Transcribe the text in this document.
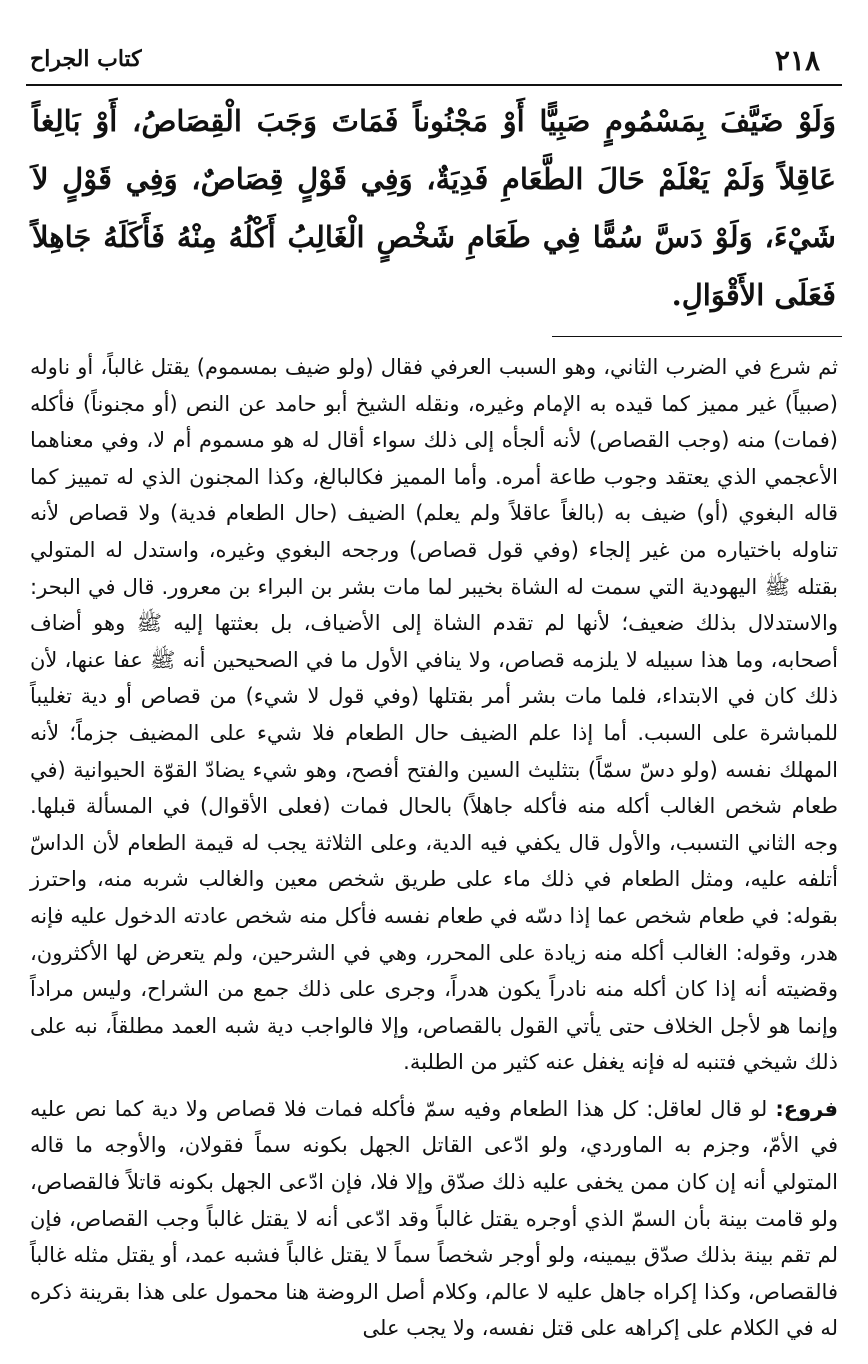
٢١٨
كتاب الجراح

وَلَوْ ضَيَّفَ بِمَسْمُومٍ صَبِيًّا أَوْ مَجْنُوناً فَمَاتَ وَجَبَ الْقِصَاصُ، أَوْ بَالِغاً عَاقِلاً وَلَمْ يَعْلَمْ حَالَ الطَّعَامِ فَدِيَةٌ، وَفِي قَوْلٍ قِصَاصٌ، وَفِي قَوْلٍ لاَ شَيْءَ، وَلَوْ دَسَّ سُمًّا فِي طَعَامِ شَخْصٍ الْغَالِبُ أَكْلُهُ مِنْهُ فَأَكَلَهُ جَاهِلاً فَعَلَى الأَقْوَالِ.

ثم شرع في الضرب الثاني، وهو السبب العرفي فقال (ولو ضيف بمسموم) يقتل غالباً، أو ناوله (صبياً) غير مميز كما قيده به الإمام وغيره، ونقله الشيخ أبو حامد عن النص (أو مجنوناً) فأكله (فمات) منه (وجب القصاص) لأنه ألجأه إلى ذلك سواء أقال له هو مسموم أم لا، وفي معناهما الأعجمي الذي يعتقد وجوب طاعة أمره. وأما المميز فكالبالغ، وكذا المجنون الذي له تمييز كما قاله البغوي (أو) ضيف به (بالغاً عاقلاً ولم يعلم) الضيف (حال الطعام فدية) ولا قصاص لأنه تناوله باختياره من غير إلجاء (وفي قول قصاص) ورجحه البغوي وغيره، واستدل له المتولي بقتله ﷺ اليهودية التي سمت له الشاة بخيبر لما مات بشر بن البراء بن معرور. قال في البحر: والاستدلال بذلك ضعيف؛ لأنها لم تقدم الشاة إلى الأضياف، بل بعثتها إليه ﷺ وهو أضاف أصحابه، وما هذا سبيله لا يلزمه قصاص، ولا ينافي الأول ما في الصحيحين أنه ﷺ عفا عنها، لأن ذلك كان في الابتداء، فلما مات بشر أمر بقتلها (وفي قول لا شيء) من قصاص أو دية تغليباً للمباشرة على السبب. أما إذا علم الضيف حال الطعام فلا شيء على المضيف جزماً؛ لأنه المهلك نفسه (ولو دسّ سمّاً) بتثليث السين والفتح أفصح، وهو شيء يضادّ القوّة الحيوانية (في طعام شخص الغالب أكله منه فأكله جاهلاً) بالحال فمات (فعلى الأقوال) في المسألة قبلها. وجه الثاني التسبب، والأول قال يكفي فيه الدية، وعلى الثلاثة يجب له قيمة الطعام لأن الداسّ أتلفه عليه، ومثل الطعام في ذلك ماء على طريق شخص معين والغالب شربه منه، واحترز بقوله: في طعام شخص عما إذا دسّه في طعام نفسه فأكل منه شخص عادته الدخول عليه فإنه هدر، وقوله: الغالب أكله منه زيادة على المحرر، وهي في الشرحين، ولم يتعرض لها الأكثرون، وقضيته أنه إذا كان أكله منه نادراً يكون هدراً، وجرى على ذلك جمع من الشراح، وليس مراداً وإنما هو لأجل الخلاف حتى يأتي القول بالقصاص، وإلا فالواجب دية شبه العمد مطلقاً، نبه على ذلك شيخي فتنبه له فإنه يغفل عنه كثير من الطلبة.

فروع: لو قال لعاقل: كل هذا الطعام وفيه سمّ فأكله فمات فلا قصاص ولا دية كما نص عليه في الأمّ، وجزم به الماوردي، ولو ادّعى القاتل الجهل بكونه سماً فقولان، والأوجه ما قاله المتولي أنه إن كان ممن يخفى عليه ذلك صدّق وإلا فلا، فإن ادّعى الجهل بكونه قاتلاً فالقصاص، ولو قامت بينة بأن السمّ الذي أوجره يقتل غالباً وقد ادّعى أنه لا يقتل غالباً وجب القصاص، فإن لم تقم بينة بذلك صدّق بيمينه، ولو أوجر شخصاً سماً لا يقتل غالباً فشبه عمد، أو يقتل مثله غالباً فالقصاص، وكذا إكراه جاهل عليه لا عالم، وكلام أصل الروضة هنا محمول على هذا بقرينة ذكره له في الكلام على إكراهه على قتل نفسه، ولا يجب على
